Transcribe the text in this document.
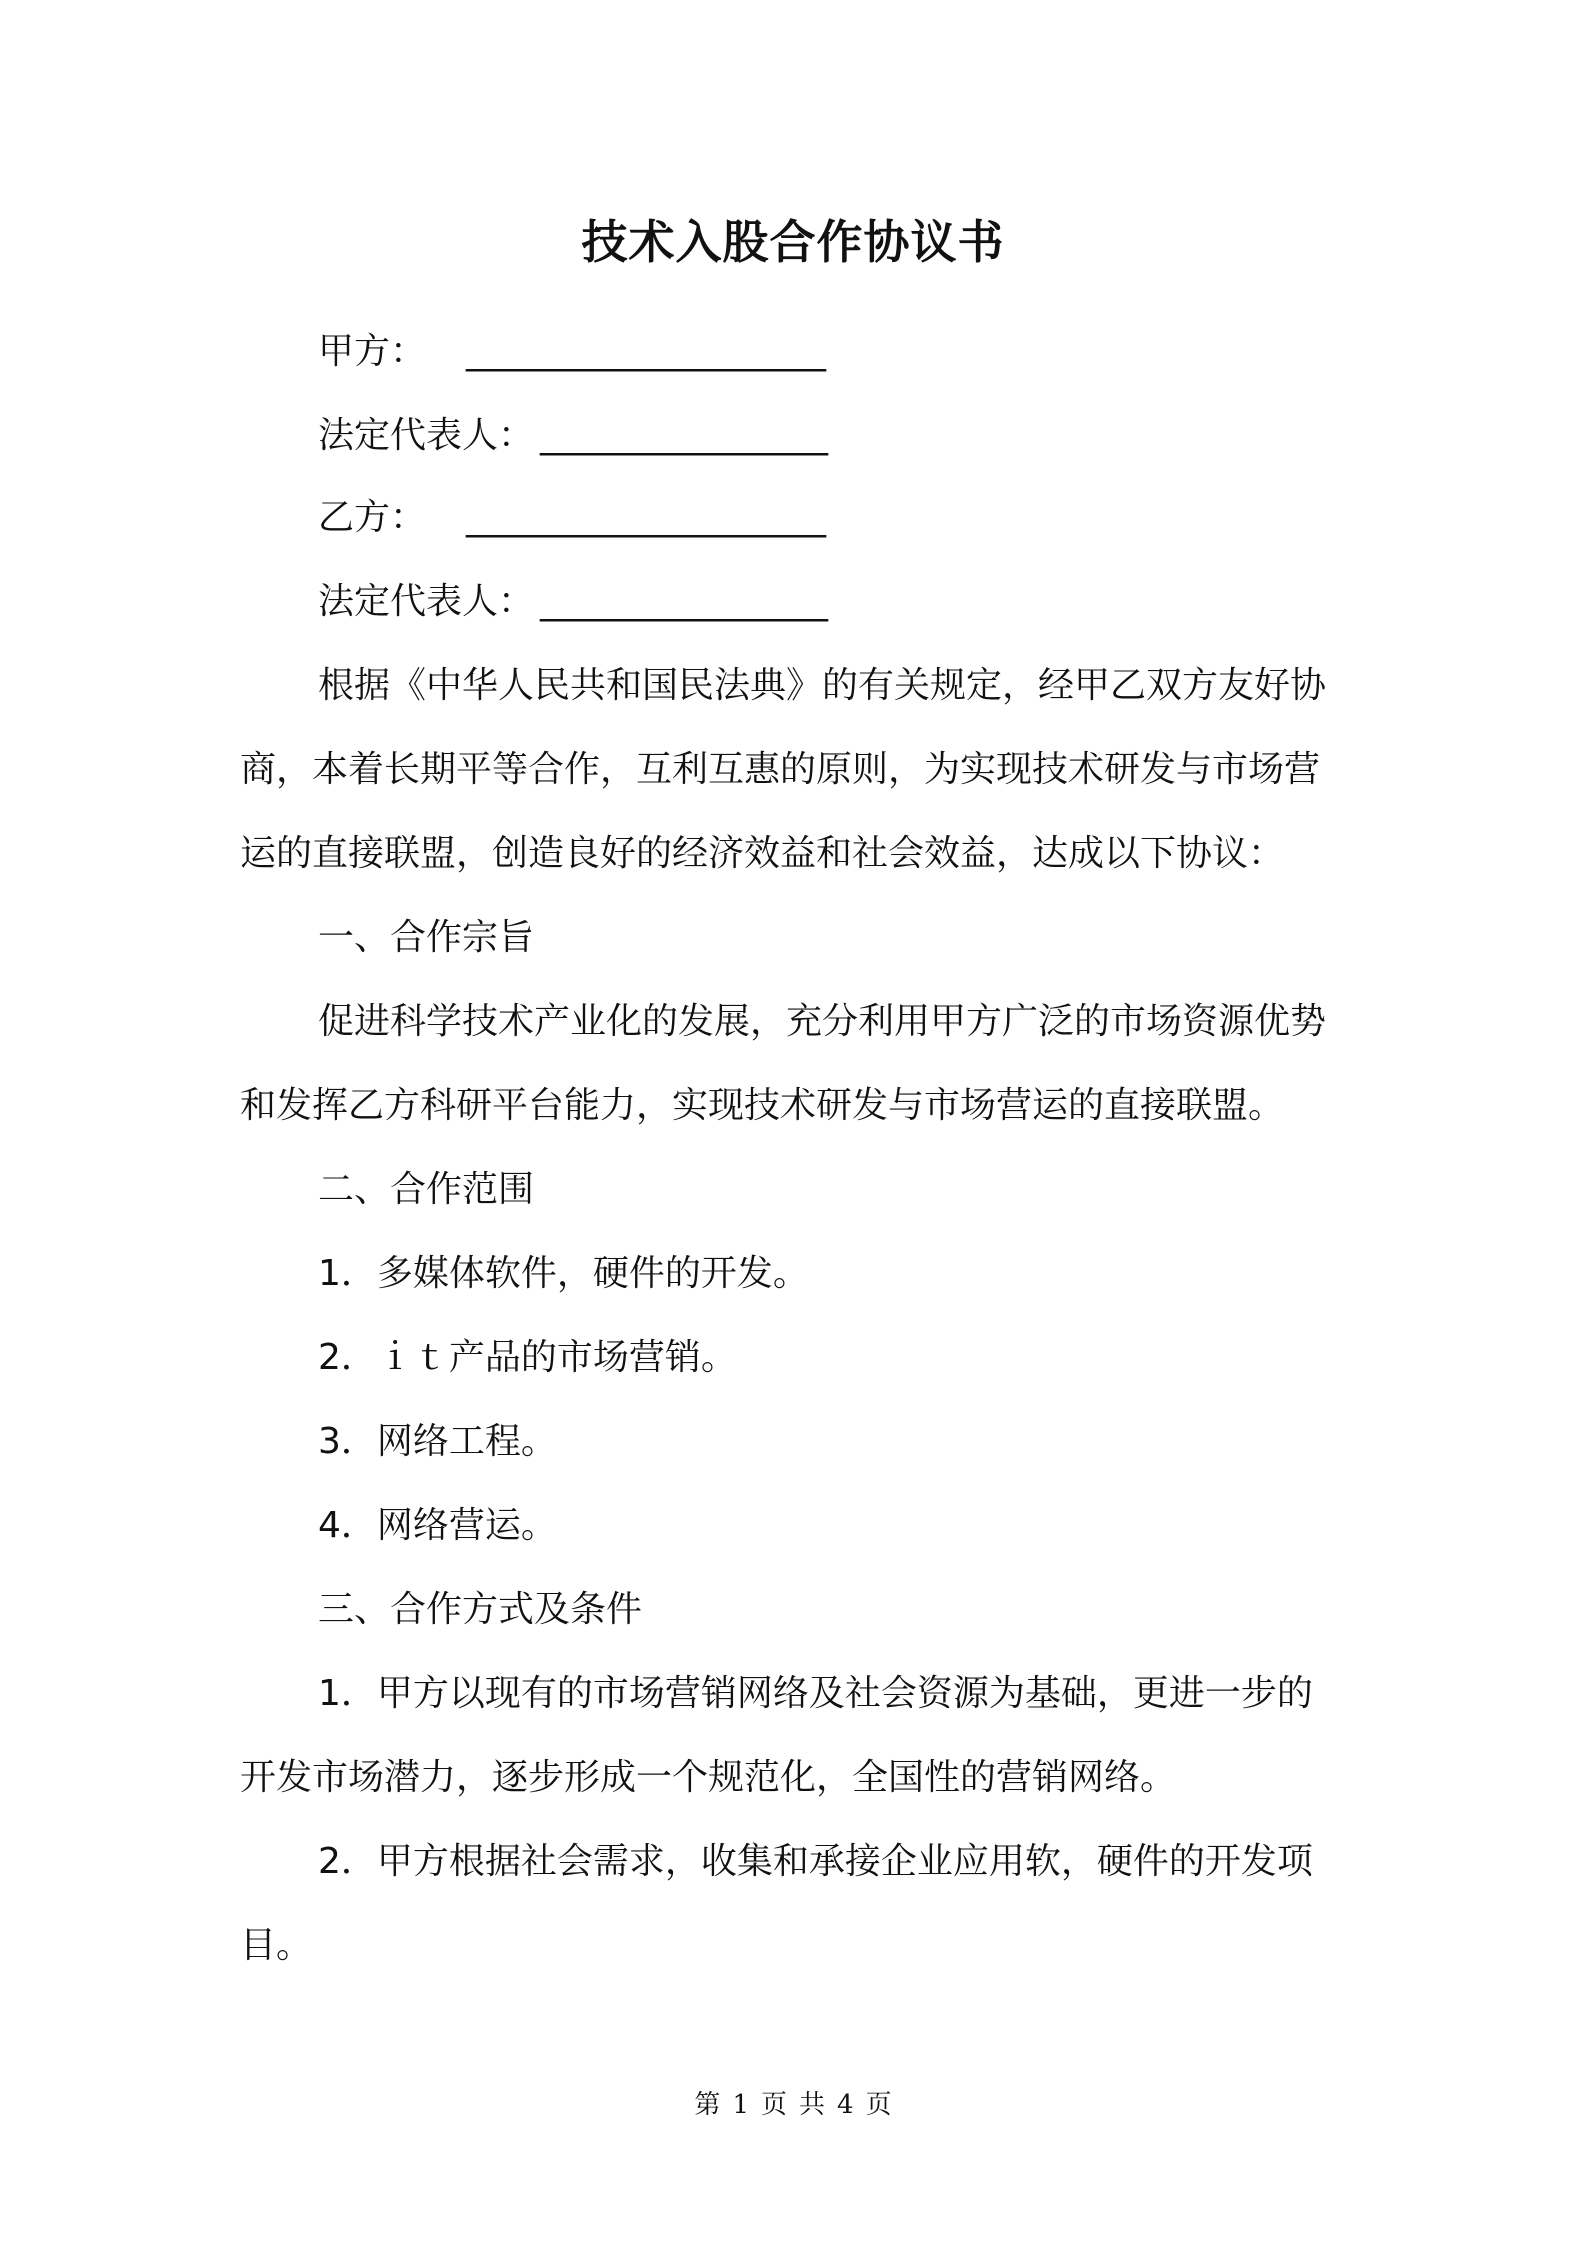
技术入股合作协议书
甲方： ____________________
法定代表人： ________________
乙方： ____________________
法定代表人： ________________
根据《中华人民共和国民法典》的有关规定，经甲乙双方友好协
商，本着长期平等合作，互利互惠的原则，为实现技术研发与市场营
运的直接联盟，创造良好的经济效益和社会效益，达成以下协议：
一、合作宗旨
促进科学技术产业化的发展，充分利用甲方广泛的市场资源优势
和发挥乙方科研平台能力，实现技术研发与市场营运的直接联盟。
二、合作范围
1．多媒体软件，硬件的开发。
2．ｉｔ产品的市场营销。
3．网络工程。
4．网络营运。
三、合作方式及条件
1．甲方以现有的市场营销网络及社会资源为基础，更进一步的
开发市场潜力，逐步形成一个规范化，全国性的营销网络。
2．甲方根据社会需求，收集和承接企业应用软，硬件的开发项
目。
第 1 页 共 4 页
